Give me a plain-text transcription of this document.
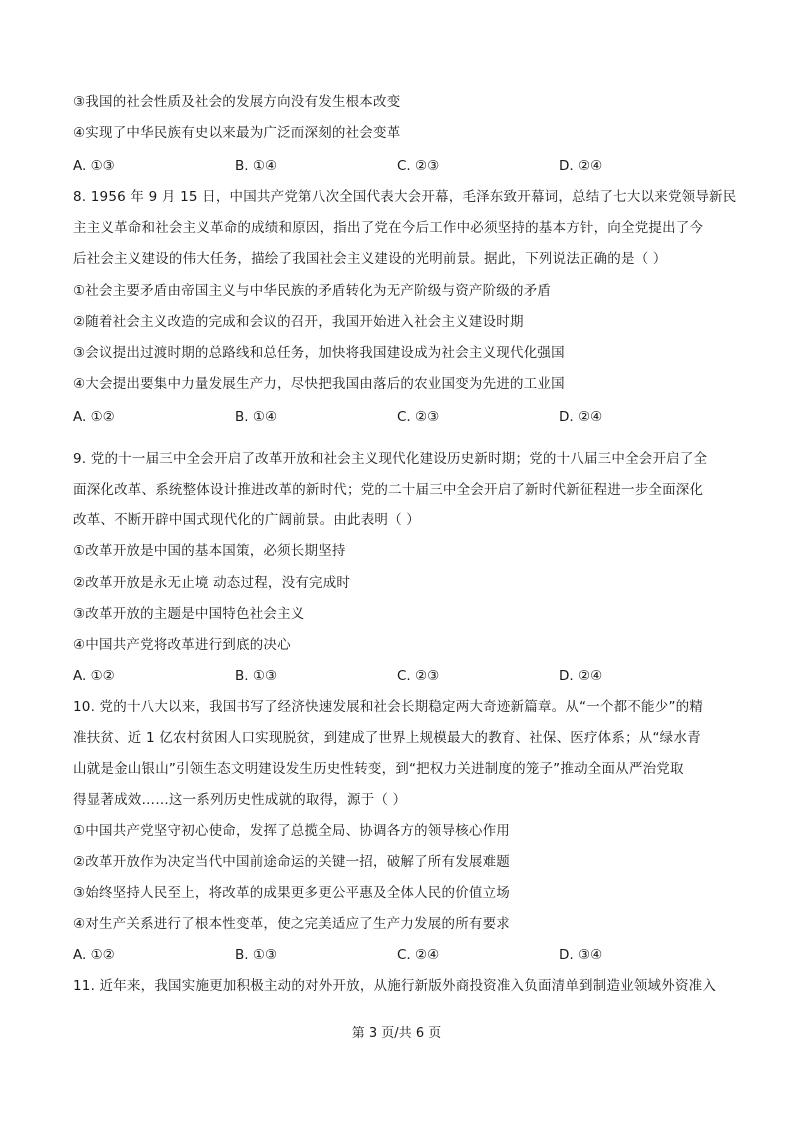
③我国的社会性质及社会的发展方向没有发生根本改变
④实现了中华民族有史以来最为广泛而深刻的社会变革
A. ①③	B. ①④	C. ②③	D. ②④
8. 1956 年 9 月 15 日，中国共产党第八次全国代表大会开幕，毛泽东致开幕词，总结了七大以来党领导新民
主主义革命和社会主义革命的成绩和原因，指出了党在今后工作中必须坚持的基本方针，向全党提出了今
后社会主义建设的伟大任务，描绘了我国社会主义建设的光明前景。据此，下列说法正确的是（ ）
①社会主要矛盾由帝国主义与中华民族的矛盾转化为无产阶级与资产阶级的矛盾
②随着社会主义改造的完成和会议的召开，我国开始进入社会主义建设时期
③会议提出过渡时期的总路线和总任务，加快将我国建设成为社会主义现代化强国
④大会提出要集中力量发展生产力，尽快把我国由落后的农业国变为先进的工业国
A. ①②	B. ①④	C. ②③	D. ②④
9. 党的十一届三中全会开启了改革开放和社会主义现代化建设历史新时期；党的十八届三中全会开启了全
面深化改革、系统整体设计推进改革的新时代；党的二十届三中全会开启了新时代新征程进一步全面深化
改革、不断开辟中国式现代化的广阔前景。由此表明（ ）
①改革开放是中国的基本国策，必须长期坚持
②改革开放是永无止境 动态过程，没有完成时
③改革开放的主题是中国特色社会主义
④中国共产党将改革进行到底的决心
A. ①②	B. ①③	C. ②③	D. ②④
10. 党的十八大以来，我国书写了经济快速发展和社会长期稳定两大奇迹新篇章。从“一个都不能少”的精
准扶贫、近 1 亿农村贫困人口实现脱贫，到建成了世界上规模最大的教育、社保、医疗体系；从“绿水青
山就是金山银山”引领生态文明建设发生历史性转变，到“把权力关进制度的笼子”推动全面从严治党取
得显著成效……这一系列历史性成就的取得，源于（ ）
①中国共产党坚守初心使命，发挥了总揽全局、协调各方的领导核心作用
②改革开放作为决定当代中国前途命运的关键一招，破解了所有发展难题
③始终坚持人民至上，将改革的成果更多更公平惠及全体人民的价值立场
④对生产关系进行了根本性变革，使之完美适应了生产力发展的所有要求
A. ①②	B. ①③	C. ②④	D. ③④
11. 近年来，我国实施更加积极主动的对外开放，从施行新版外商投资准入负面清单到制造业领域外资准入
第 3 页/共 6 页
